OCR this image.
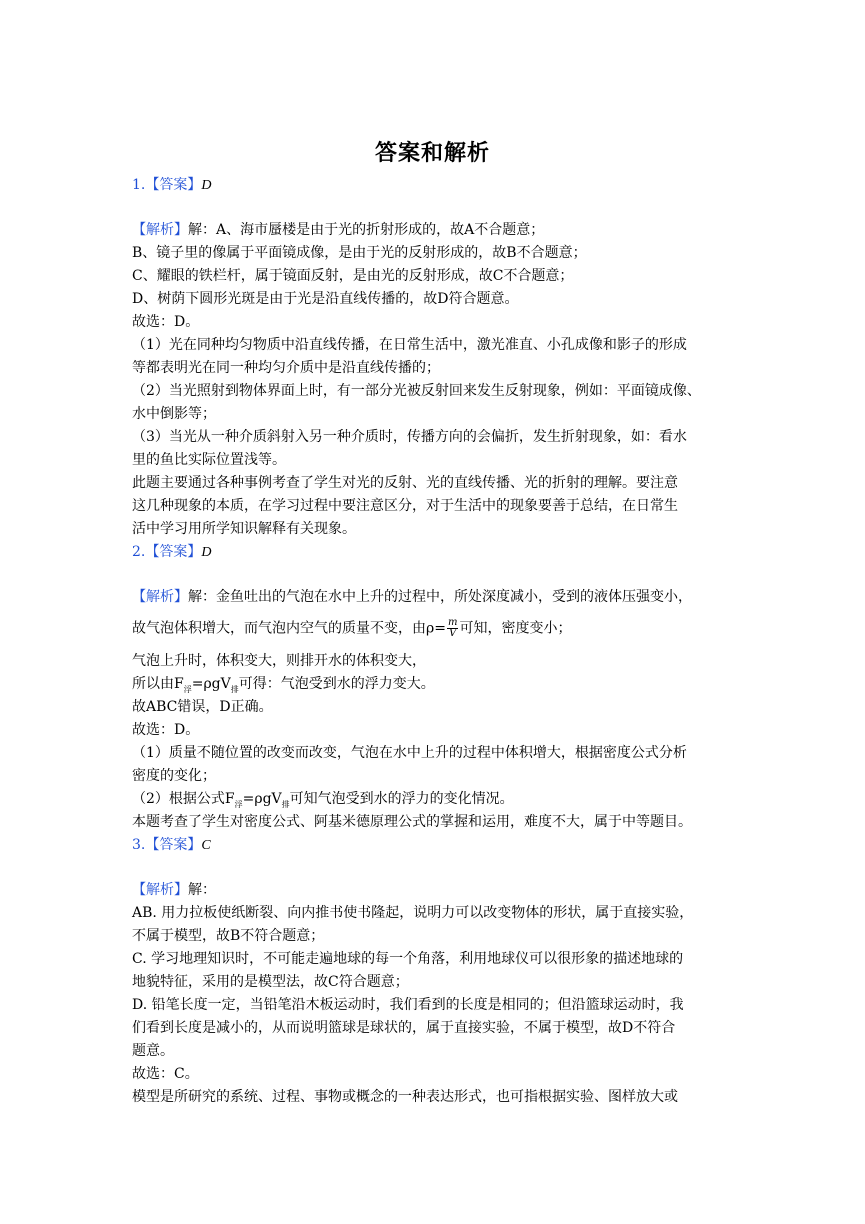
答案和解析
1.【答案】D
【解析】解：A、海市蜃楼是由于光的折射形成的，故A不合题意；
B、镜子里的像属于平面镜成像，是由于光的反射形成的，故B不合题意；
C、耀眼的铁栏杆，属于镜面反射，是由光的反射形成，故C不合题意；
D、树荫下圆形光斑是由于光是沿直线传播的，故D符合题意。
故选：D。
（1）光在同种均匀物质中沿直线传播，在日常生活中，激光准直、小孔成像和影子的形成
等都表明光在同一种均匀介质中是沿直线传播的；
（2）当光照射到物体界面上时，有一部分光被反射回来发生反射现象，例如：平面镜成像、
水中倒影等；
（3）当光从一种介质斜射入另一种介质时，传播方向的会偏折，发生折射现象，如：看水
里的鱼比实际位置浅等。
此题主要通过各种事例考查了学生对光的反射、光的直线传播、光的折射的理解。要注意
这几种现象的本质，在学习过程中要注意区分，对于生活中的现象要善于总结，在日常生
活中学习用所学知识解释有关现象。
2.【答案】D
【解析】解：金鱼吐出的气泡在水中上升的过程中，所处深度减小，受到的液体压强变小，
故气泡体积增大，而气泡内空气的质量不变，由$\rho= \frac{m}{V}$ 可知，密度变小；
气泡上升时，体积变大，则排开水的体积变大，
所以由$F_浮=\rho gV_排$可得：气泡受到水的浮力变大。
故ABC错误，D正确。
故选：D。
（1）质量不随位置的改变而改变，气泡在水中上升的过程中体积增大，根据密度公式分析
密度的变化；
（2）根据公式$F_浮=\rho gV_排$可知气泡受到水的浮力的变化情况。
本题考查了学生对密度公式、阿基米德原理公式的掌握和运用，难度不大，属于中等题目。
3.【答案】C
【解析】解：
AB. 用力拉板使纸断裂、向内推书使书隆起，说明力可以改变物体的形状，属于直接实验，
不属于模型，故B不符合题意；
C. 学习地理知识时，不可能走遍地球的每一个角落，利用地球仪可以很形象的描述地球的
地貌特征，采用的是模型法，故C符合题意；
D. 铅笔长度一定，当铅笔沿木板运动时，我们看到的长度是相同的；但沿篮球运动时，我
们看到长度是减小的，从而说明篮球是球状的，属于直接实验，不属于模型，故D不符合
题意。
故选：C。
模型是所研究的系统、过程、事物或概念的一种表达形式，也可指根据实验、图样放大或
